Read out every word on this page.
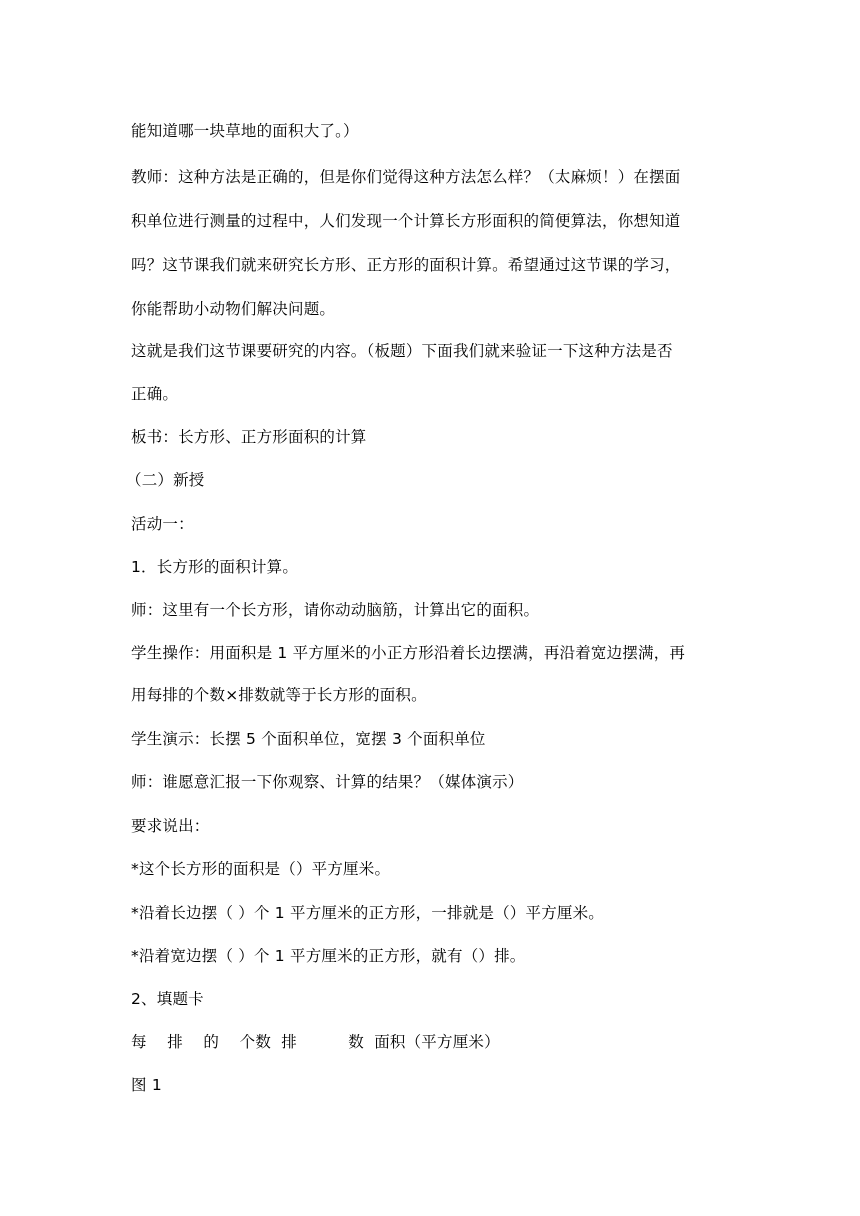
能知道哪一块草地的面积大了。）
教师：这种方法是正确的，但是你们觉得这种方法怎么样？（太麻烦！）在摆面
积单位进行测量的过程中，人们发现一个计算长方形面积的简便算法，你想知道
吗？这节课我们就来研究长方形、正方形的面积计算。希望通过这节课的学习，
你能帮助小动物们解决问题。
这就是我们这节课要研究的内容。（板题）下面我们就来验证一下这种方法是否
正确。
板书：长方形、正方形面积的计算
（二）新授
活动一：
1．长方形的面积计算。
师：这里有一个长方形，请你动动脑筋，计算出它的面积。
学生操作：用面积是 1 平方厘米的小正方形沿着长边摆满，再沿着宽边摆满，再
用每排的个数×排数就等于长方形的面积。
学生演示：长摆 5 个面积单位，宽摆 3 个面积单位
师：谁愿意汇报一下你观察、计算的结果？（媒体演示）
要求说出：
*这个长方形的面积是（）平方厘米。
*沿着长边摆（ ）个 1 平方厘米的正方形，一排就是（）平方厘米。
*沿着宽边摆（ ）个 1 平方厘米的正方形，就有（）排。
2、填题卡
每    排    的    个数  排          数  面积（平方厘米）
图 1
